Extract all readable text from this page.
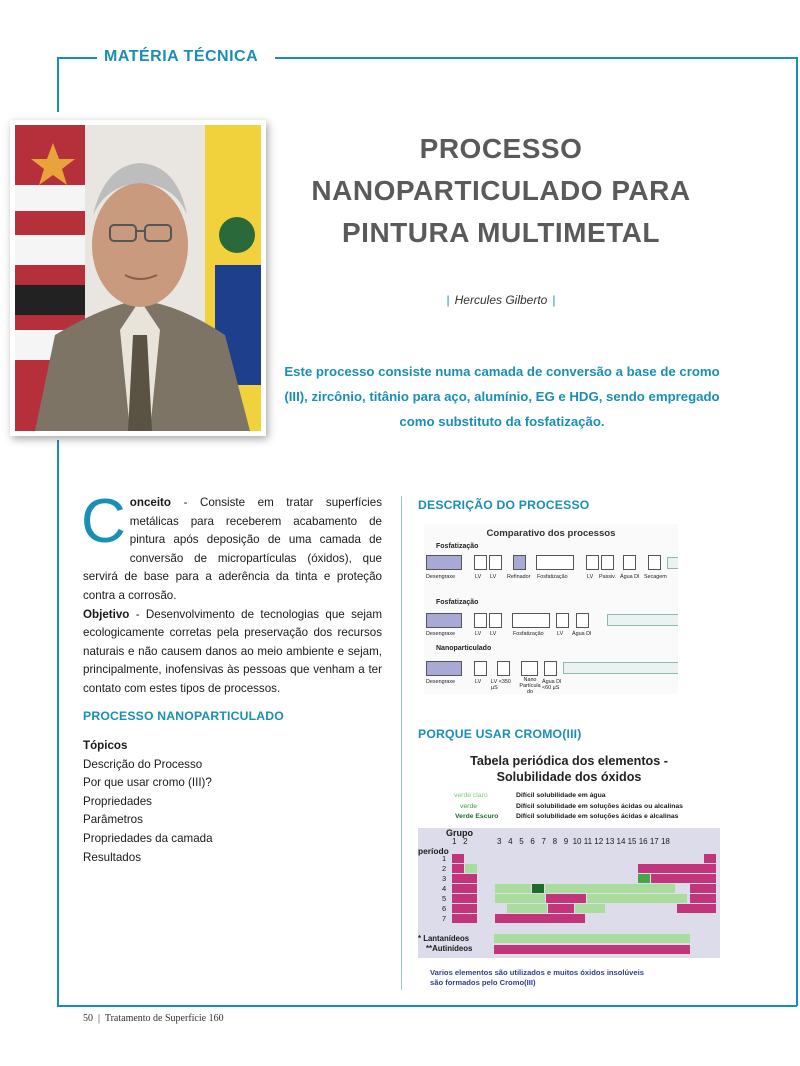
MATÉRIA TÉCNICA
PROCESSO
NANOPARTICULADO PARA
PINTURA MULTIMETAL
| Hercules Gilberto |
Este processo consiste numa camada de conversão a base de cromo (III), zircônio, titânio para aço, alumínio, EG e HDG, sendo empregado como substituto da fosfatização.
Conceito - Consiste em tratar superfícies metálicas para receberem acabamento de pintura após deposição de uma camada de conversão de micropartículas (óxidos), que servirá de base para a aderência da tinta e proteção contra a corrosão.
Objetivo - Desenvolvimento de tecnologias que sejam ecologicamente corretas pela preservação dos recursos naturais e não causem danos ao meio ambiente e sejam, principalmente, inofensivas às pessoas que venham a ter contato com estes tipos de processos.
PROCESSO NANOPARTICULADO
Tópicos
Descrição do Processo
Por que usar cromo (III)?
Propriedades
Parâmetros
Propriedades da camada
Resultados
DESCRIÇÃO DO PROCESSO
Comparativo dos processos
Fosfatização
Desengraxe	LV LV Refinador Fosfatização	LV Passiv. Água DI Secagem
Fosfatização
Desengraxe	LV LV	Fosfatização LV Água DI
Nanoparticulado
Desengraxe	LV LV <350 µS
Nano Partícula do
Água DI <60 µS
PORQUE USAR CROMO(III)
Tabela periódica dos elementos -
Solubilidade dos óxidos
verde claro	Difícil solubilidade em água
verde	Difícil solubilidade em soluções ácidas ou alcalinas
Verde Escuro	Difícil solubilidade em soluções ácidas e alcalinas
Grupo
1   2	3   4   5   6   7   8   9  10 11 12 13 14 15 16 17 18
período
1
2
3
4
5
6
7
* Lantanídeos
**Autinídeos
Varios elementos são utilizados e muitos óxidos insolúveis
são formados pelo Cromo(III)
50  |  Tratamento de Superfície 160
